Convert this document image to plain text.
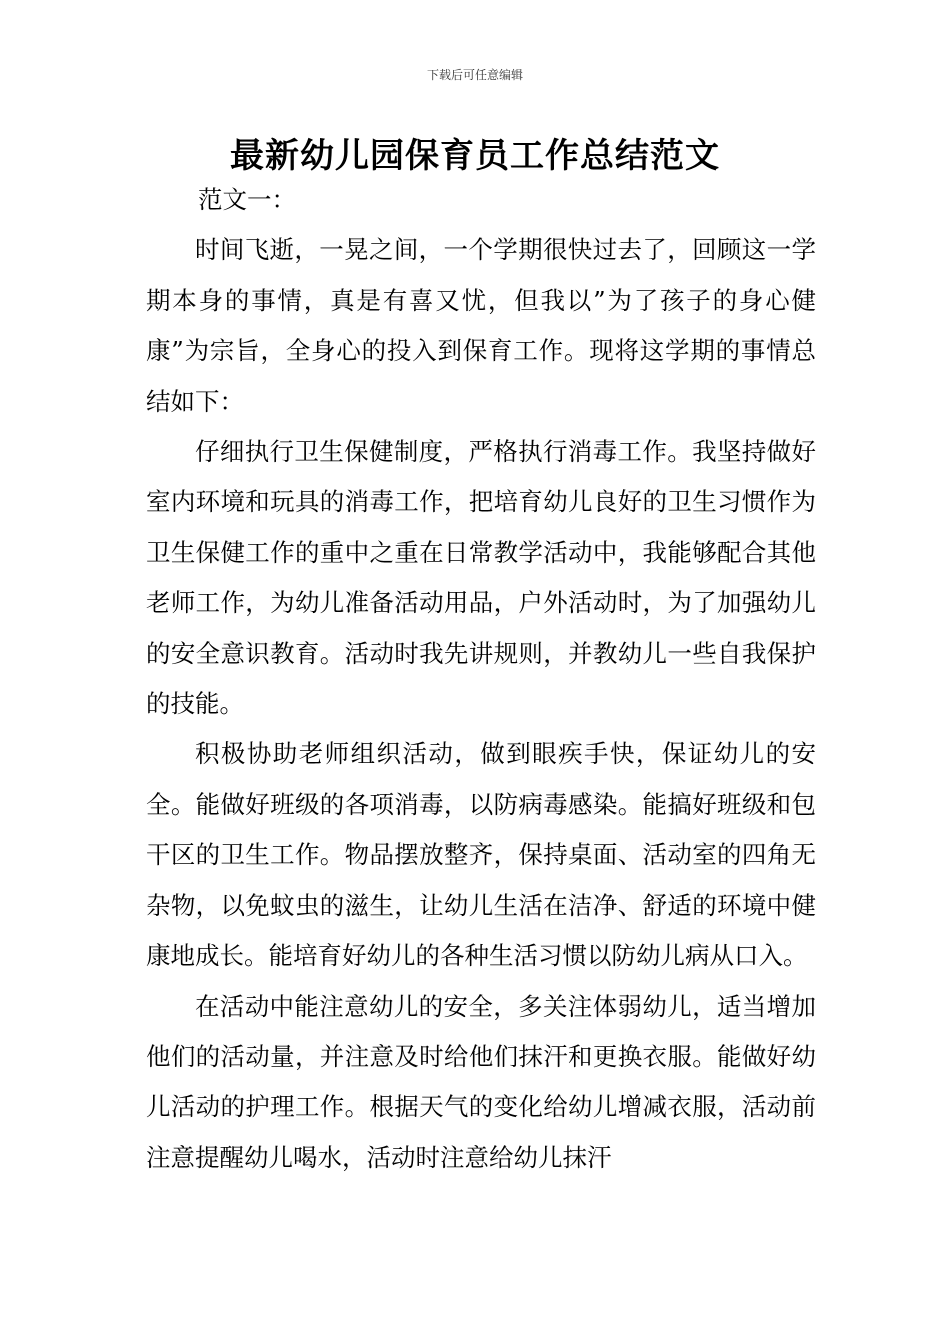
下载后可任意编辑
最新幼儿园保育员工作总结范文

范文一：

时间飞逝，一晃之间，一个学期很快过去了，回顾这一学期本身的事情，真是有喜又忧，但我以”为了孩子的身心健康”为宗旨，全身心的投入到保育工作。现将这学期的事情总结如下：

仔细执行卫生保健制度，严格执行消毒工作。我坚持做好室内环境和玩具的消毒工作，把培育幼儿良好的卫生习惯作为卫生保健工作的重中之重在日常教学活动中，我能够配合其他老师工作，为幼儿准备活动用品，户外活动时，为了加强幼儿的安全意识教育。活动时我先讲规则，并教幼儿一些自我保护的技能。

积极协助老师组织活动，做到眼疾手快，保证幼儿的安全。能做好班级的各项消毒，以防病毒感染。能搞好班级和包干区的卫生工作。物品摆放整齐，保持桌面、活动室的四角无杂物，以免蚊虫的滋生，让幼儿生活在洁净、舒适的环境中健康地成长。能培育好幼儿的各种生活习惯以防幼儿病从口入。

在活动中能注意幼儿的安全，多关注体弱幼儿，适当增加他们的活动量，并注意及时给他们抹汗和更换衣服。能做好幼儿活动的护理工作。根据天气的变化给幼儿增减衣服，活动前注意提醒幼儿喝水，活动时注意给幼儿抹汗
